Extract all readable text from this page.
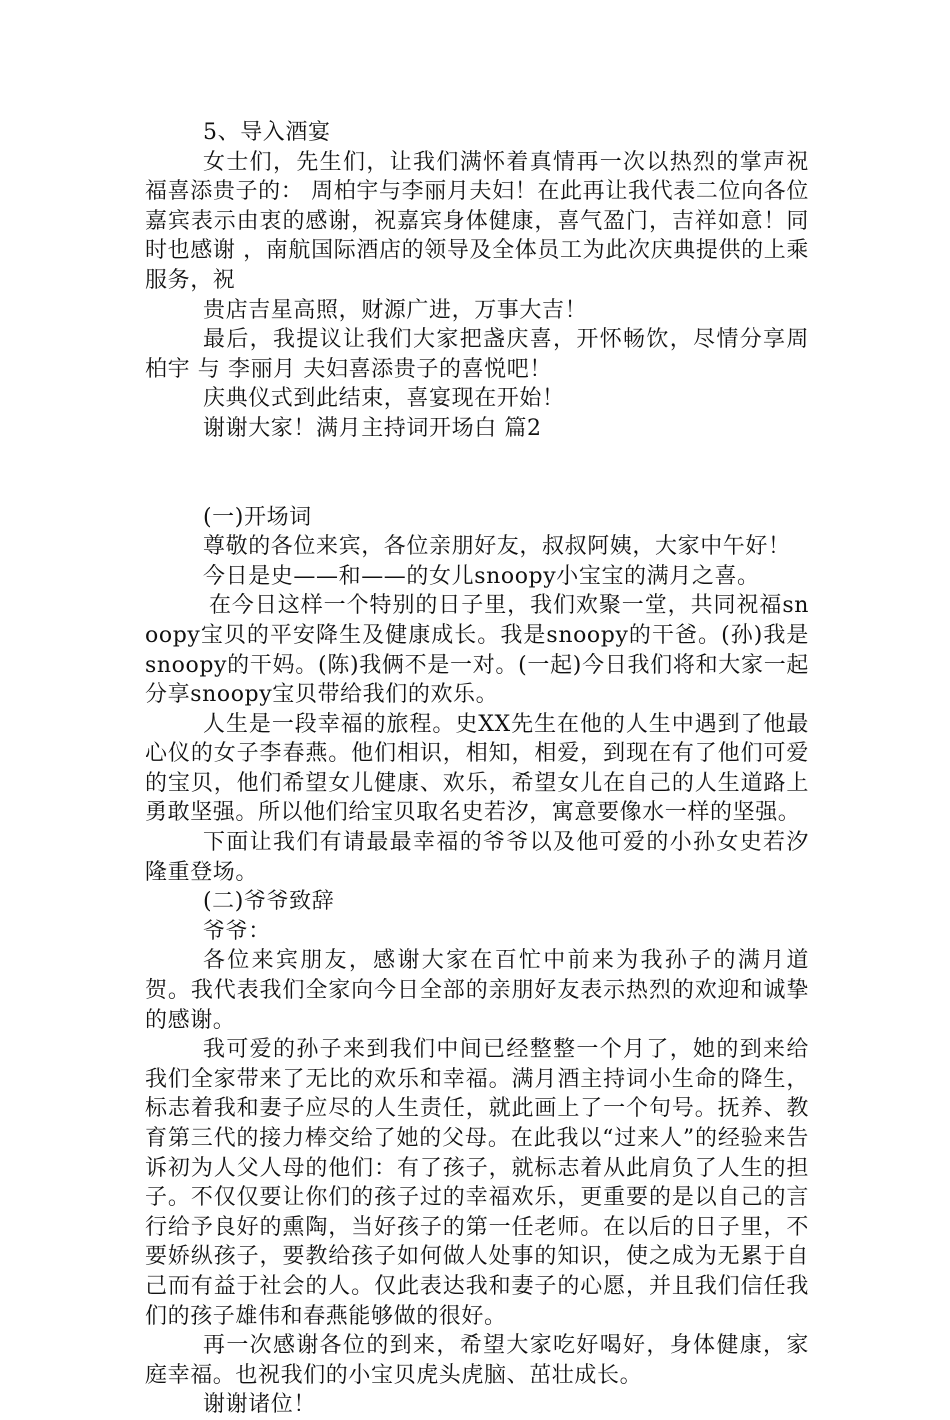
5、导入酒宴

女士们，先生们，让我们满怀着真情再一次以热烈的掌声祝福喜添贵子的： 周柏宇与李丽月夫妇！在此再让我代表二位向各位嘉宾表示由衷的感谢，祝嘉宾身体健康，喜气盈门，吉祥如意！同时也感谢 ，南航国际酒店的领导及全体员工为此次庆典提供的上乘服务，祝

贵店吉星高照，财源广进，万事大吉！

最后，我提议让我们大家把盏庆喜，开怀畅饮，尽情分享周柏宇 与 李丽月 夫妇喜添贵子的喜悦吧！

庆典仪式到此结束，喜宴现在开始！

谢谢大家！满月主持词开场白 篇2

(一)开场词

尊敬的各位来宾，各位亲朋好友，叔叔阿姨，大家中午好！

今日是史——和——的女儿snoopy小宝宝的满月之喜。

在今日这样一个特别的日子里，我们欢聚一堂，共同祝福snoopy宝贝的平安降生及健康成长。我是snoopy的干爸。(孙)我是snoopy的干妈。(陈)我俩不是一对。(一起)今日我们将和大家一起分享snoopy宝贝带给我们的欢乐。

人生是一段幸福的旅程。史XX先生在他的人生中遇到了他最心仪的女子李春燕。他们相识，相知，相爱，到现在有了他们可爱的宝贝，他们希望女儿健康、欢乐，希望女儿在自己的人生道路上勇敢坚强。所以他们给宝贝取名史若汐，寓意要像水一样的坚强。

下面让我们有请最最幸福的爷爷以及他可爱的小孙女史若汐隆重登场。

(二)爷爷致辞

爷爷：

各位来宾朋友，感谢大家在百忙中前来为我孙子的满月道贺。我代表我们全家向今日全部的亲朋好友表示热烈的欢迎和诚挚的感谢。

我可爱的孙子来到我们中间已经整整一个月了，她的到来给我们全家带来了无比的欢乐和幸福。满月酒主持词小生命的降生，标志着我和妻子应尽的人生责任，就此画上了一个句号。抚养、教育第三代的接力棒交给了她的父母。在此我以“过来人”的经验来告诉初为人父人母的他们：有了孩子，就标志着从此肩负了人生的担子。不仅仅要让你们的孩子过的幸福欢乐，更重要的是以自己的言行给予良好的熏陶，当好孩子的第一任老师。在以后的日子里，不要娇纵孩子，要教给孩子如何做人处事的知识，使之成为无累于自己而有益于社会的人。仅此表达我和妻子的心愿，并且我们信任我们的孩子雄伟和春燕能够做的很好。

再一次感谢各位的到来，希望大家吃好喝好，身体健康，家庭幸福。也祝我们的小宝贝虎头虎脑、茁壮成长。

谢谢诸位！
